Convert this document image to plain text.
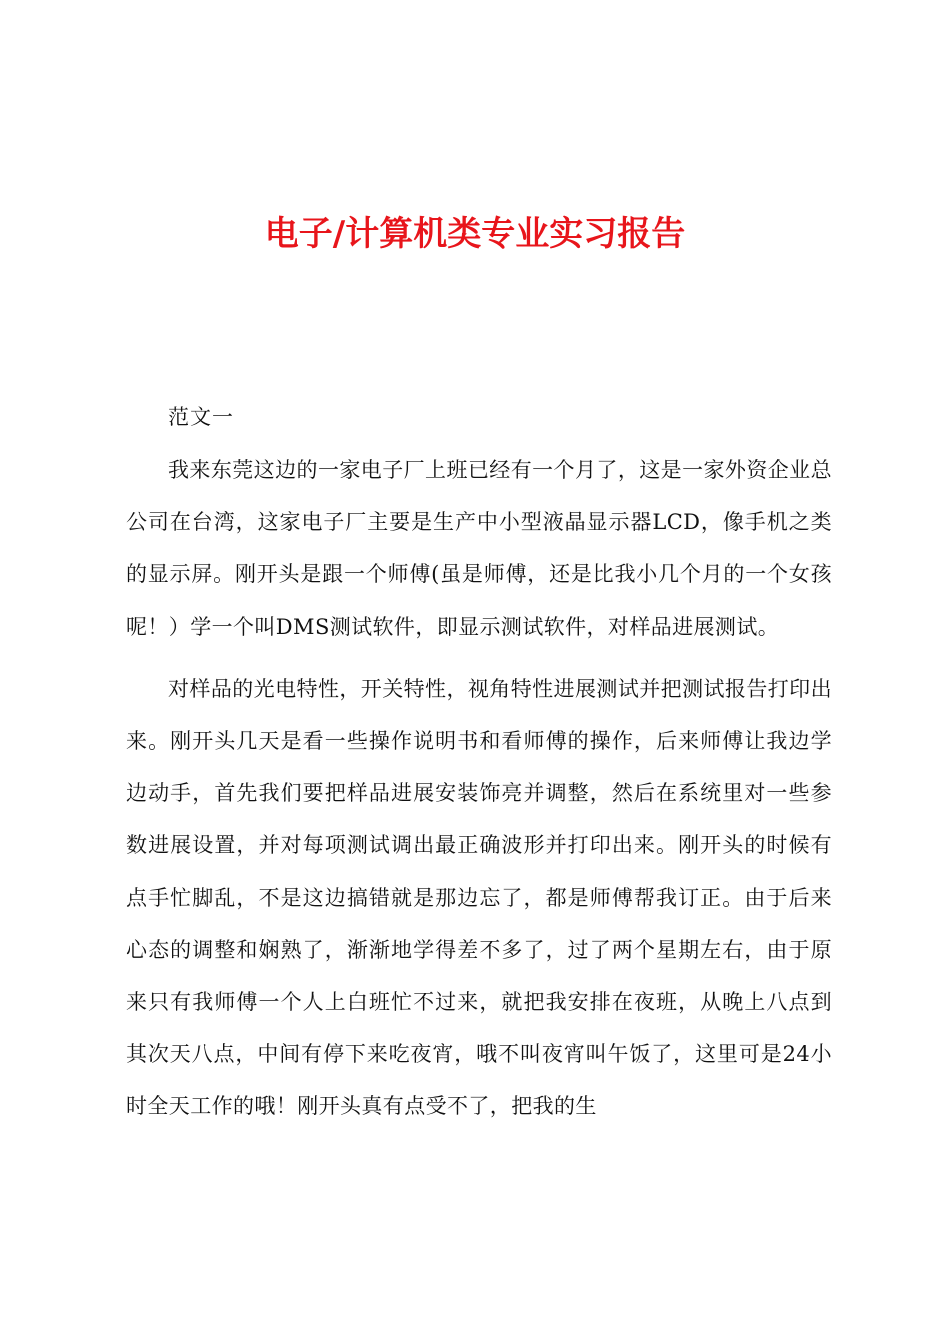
电子/计算机类专业实习报告

范文一

我来东莞这边的一家电子厂上班已经有一个月了，这是一家外资企业总公司在台湾，这家电子厂主要是生产中小型液晶显示器LCD，像手机之类的显示屏。刚开头是跟一个师傅(虽是师傅，还是比我小几个月的一个女孩呢！）学一个叫DMS测试软件，即显示测试软件，对样品进展测试。

对样品的光电特性，开关特性，视角特性进展测试并把测试报告打印出来。刚开头几天是看一些操作说明书和看师傅的操作，后来师傅让我边学边动手，首先我们要把样品进展安装饰亮并调整，然后在系统里对一些参数进展设置，并对每项测试调出最正确波形并打印出来。刚开头的时候有点手忙脚乱，不是这边搞错就是那边忘了，都是师傅帮我订正。由于后来心态的调整和娴熟了，渐渐地学得差不多了，过了两个星期左右，由于原来只有我师傅一个人上白班忙不过来，就把我安排在夜班，从晚上八点到其次天八点，中间有停下来吃夜宵，哦不叫夜宵叫午饭了，这里可是24小时全天工作的哦！刚开头真有点受不了，把我的生
